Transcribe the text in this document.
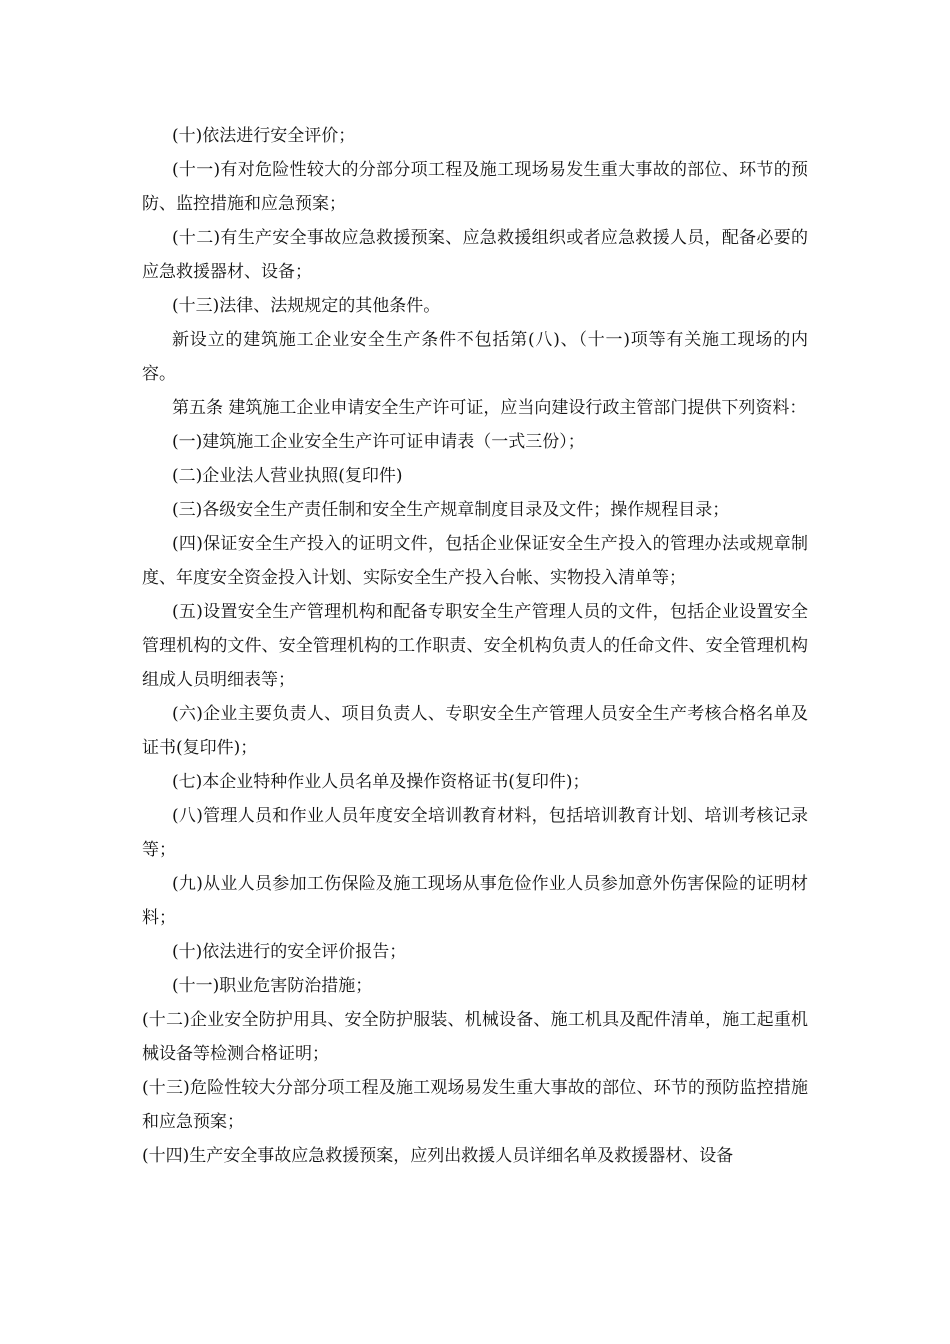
(十)依法进行安全评价；

(十一)有对危险性较大的分部分项工程及施工现场易发生重大事故的部位、环节的预防、监控措施和应急预案；

(十二)有生产安全事故应急救援预案、应急救援组织或者应急救援人员，配备必要的应急救援器材、设备；

(十三)法律、法规规定的其他条件。

新设立的建筑施工企业安全生产条件不包括第(八)、（十一)项等有关施工现场的内容。

第五条 建筑施工企业申请安全生产许可证，应当向建设行政主管部门提供下列资料：

(一)建筑施工企业安全生产许可证申请表（一式三份）；

(二)企业法人营业执照(复印件)

(三)各级安全生产责任制和安全生产规章制度目录及文件；操作规程目录；

(四)保证安全生产投入的证明文件，包括企业保证安全生产投入的管理办法或规章制度、年度安全资金投入计划、实际安全生产投入台帐、实物投入清单等；

(五)设置安全生产管理机构和配备专职安全生产管理人员的文件，包括企业设置安全管理机构的文件、安全管理机构的工作职责、安全机构负责人的任命文件、安全管理机构组成人员明细表等；

(六)企业主要负责人、项目负责人、专职安全生产管理人员安全生产考核合格名单及证书(复印件)；

(七)本企业特种作业人员名单及操作资格证书(复印件)；

(八)管理人员和作业人员年度安全培训教育材料，包括培训教育计划、培训考核记录等；

(九)从业人员参加工伤保险及施工现场从事危俭作业人员参加意外伤害保险的证明材料；

(十)依法进行的安全评价报告；

(十一)职业危害防治措施；

(十二)企业安全防护用具、安全防护服装、机械设备、施工机具及配件清单，施工起重机械设备等检测合格证明；

(十三)危险性较大分部分项工程及施工观场易发生重大事故的部位、环节的预防监控措施和应急预案；

(十四)生产安全事故应急救援预案，应列出救援人员详细名单及救援器材、设备
